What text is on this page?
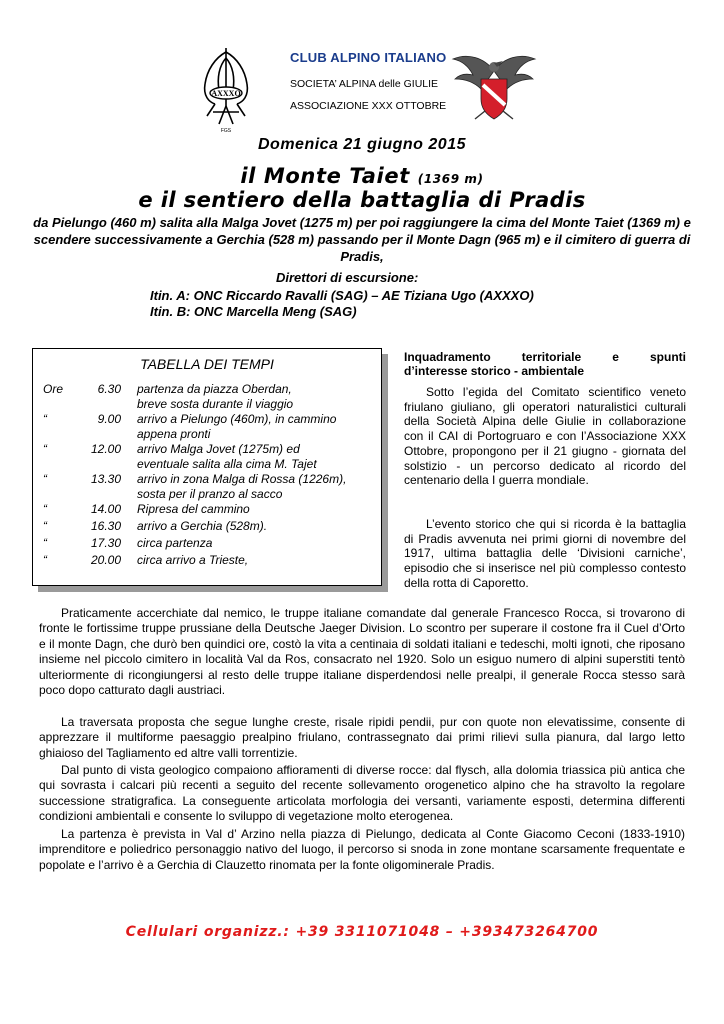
AXXXO
FGS
CLUB ALPINO ITALIANO
SOCIETA’ ALPINA delle GIULIE
ASSOCIAZIONE XXX OTTOBRE
Domenica 21 giugno 2015
il Monte Taiet (1369 m)
e il sentiero della battaglia di Pradis
da Pielungo (460 m) salita alla Malga Jovet (1275 m) per poi raggiungere la cima del Monte Taiet (1369 m) e scendere successivamente a Gerchia (528 m) passando per il Monte Dagn (965 m) e il cimitero di guerra di Pradis,
Direttori di escursione:
Itin. A: ONC Riccardo Ravalli (SAG) – AE Tiziana Ugo (AXXXO)
Itin. B: ONC Marcella Meng (SAG)
TABELLA DEI TEMPI
Ore	6.30 partenza da piazza Oberdan,
breve sosta durante il viaggio
“	9.00 arrivo a Pielungo (460m), in cammino
appena pronti
“	12.00 arrivo Malga Jovet (1275m) ed
eventuale salita alla cima M. Tajet
“	13.30 arrivo in zona Malga di Rossa (1226m),
sosta per il pranzo al sacco
“	14.00 Ripresa del cammino
“	16.30 arrivo a Gerchia (528m).
“	17.30 circa partenza
“	20.00 circa arrivo a Trieste,
Inquadramento territoriale e spunti
d’interesse storico - ambientale
Sotto l’egida del Comitato scientifico veneto friulano giuliano, gli operatori naturalistici culturali della Società Alpina delle Giulie in collaborazione con il CAI di Portogruaro e con l’Associazione XXX Ottobre, propongono per il 21 giugno - giornata del solstizio - un percorso dedicato al ricordo del centenario della I guerra mondiale.
L’evento storico che qui si ricorda è la battaglia di Pradis avvenuta nei primi giorni di novembre del 1917, ultima battaglia delle ‘Divisioni carniche’, episodio che si inserisce nel più complesso contesto della rotta di Caporetto.
Praticamente accerchiate dal nemico, le truppe italiane comandate dal generale Francesco Rocca, si trovarono di fronte le fortissime truppe prussiane della Deutsche Jaeger Division. Lo scontro per superare il costone fra il Cuel d’Orto e il monte Dagn, che durò ben quindici ore, costò la vita a centinaia di soldati italiani e tedeschi, molti ignoti, che riposano insieme nel piccolo cimitero in località Val da Ros, consacrato nel 1920. Solo un esiguo numero di alpini superstiti tentò ulteriormente di ricongiungersi al resto delle truppe italiane disperdendosi nelle prealpi, il generale Rocca stesso sarà poco dopo catturato dagli austriaci.
La traversata proposta che segue lunghe creste, risale ripidi pendii, pur con quote non elevatissime, consente di apprezzare il multiforme paesaggio prealpino friulano, contrassegnato dai primi rilievi sulla pianura, dal largo letto ghiaioso del Tagliamento ed altre valli torrentizie.
Dal punto di vista geologico compaiono affioramenti di diverse rocce: dal flysch, alla dolomia triassica più antica che qui sovrasta i calcari più recenti a seguito del recente sollevamento orogenetico alpino che ha stravolto la regolare successione stratigrafica. La conseguente articolata morfologia dei versanti, variamente esposti, determina differenti condizioni ambientali e consente lo sviluppo di vegetazione molto eterogenea.
La partenza è prevista in Val d’ Arzino nella piazza di Pielungo, dedicata al Conte Giacomo Ceconi (1833-1910) imprenditore e poliedrico personaggio nativo del luogo, il percorso si snoda in zone montane scarsamente frequentate e popolate e l’arrivo è a Gerchia di Clauzetto rinomata per la fonte oligominerale Pradis.
Cellulari organizz.: +39 3311071048 – +393473264700
